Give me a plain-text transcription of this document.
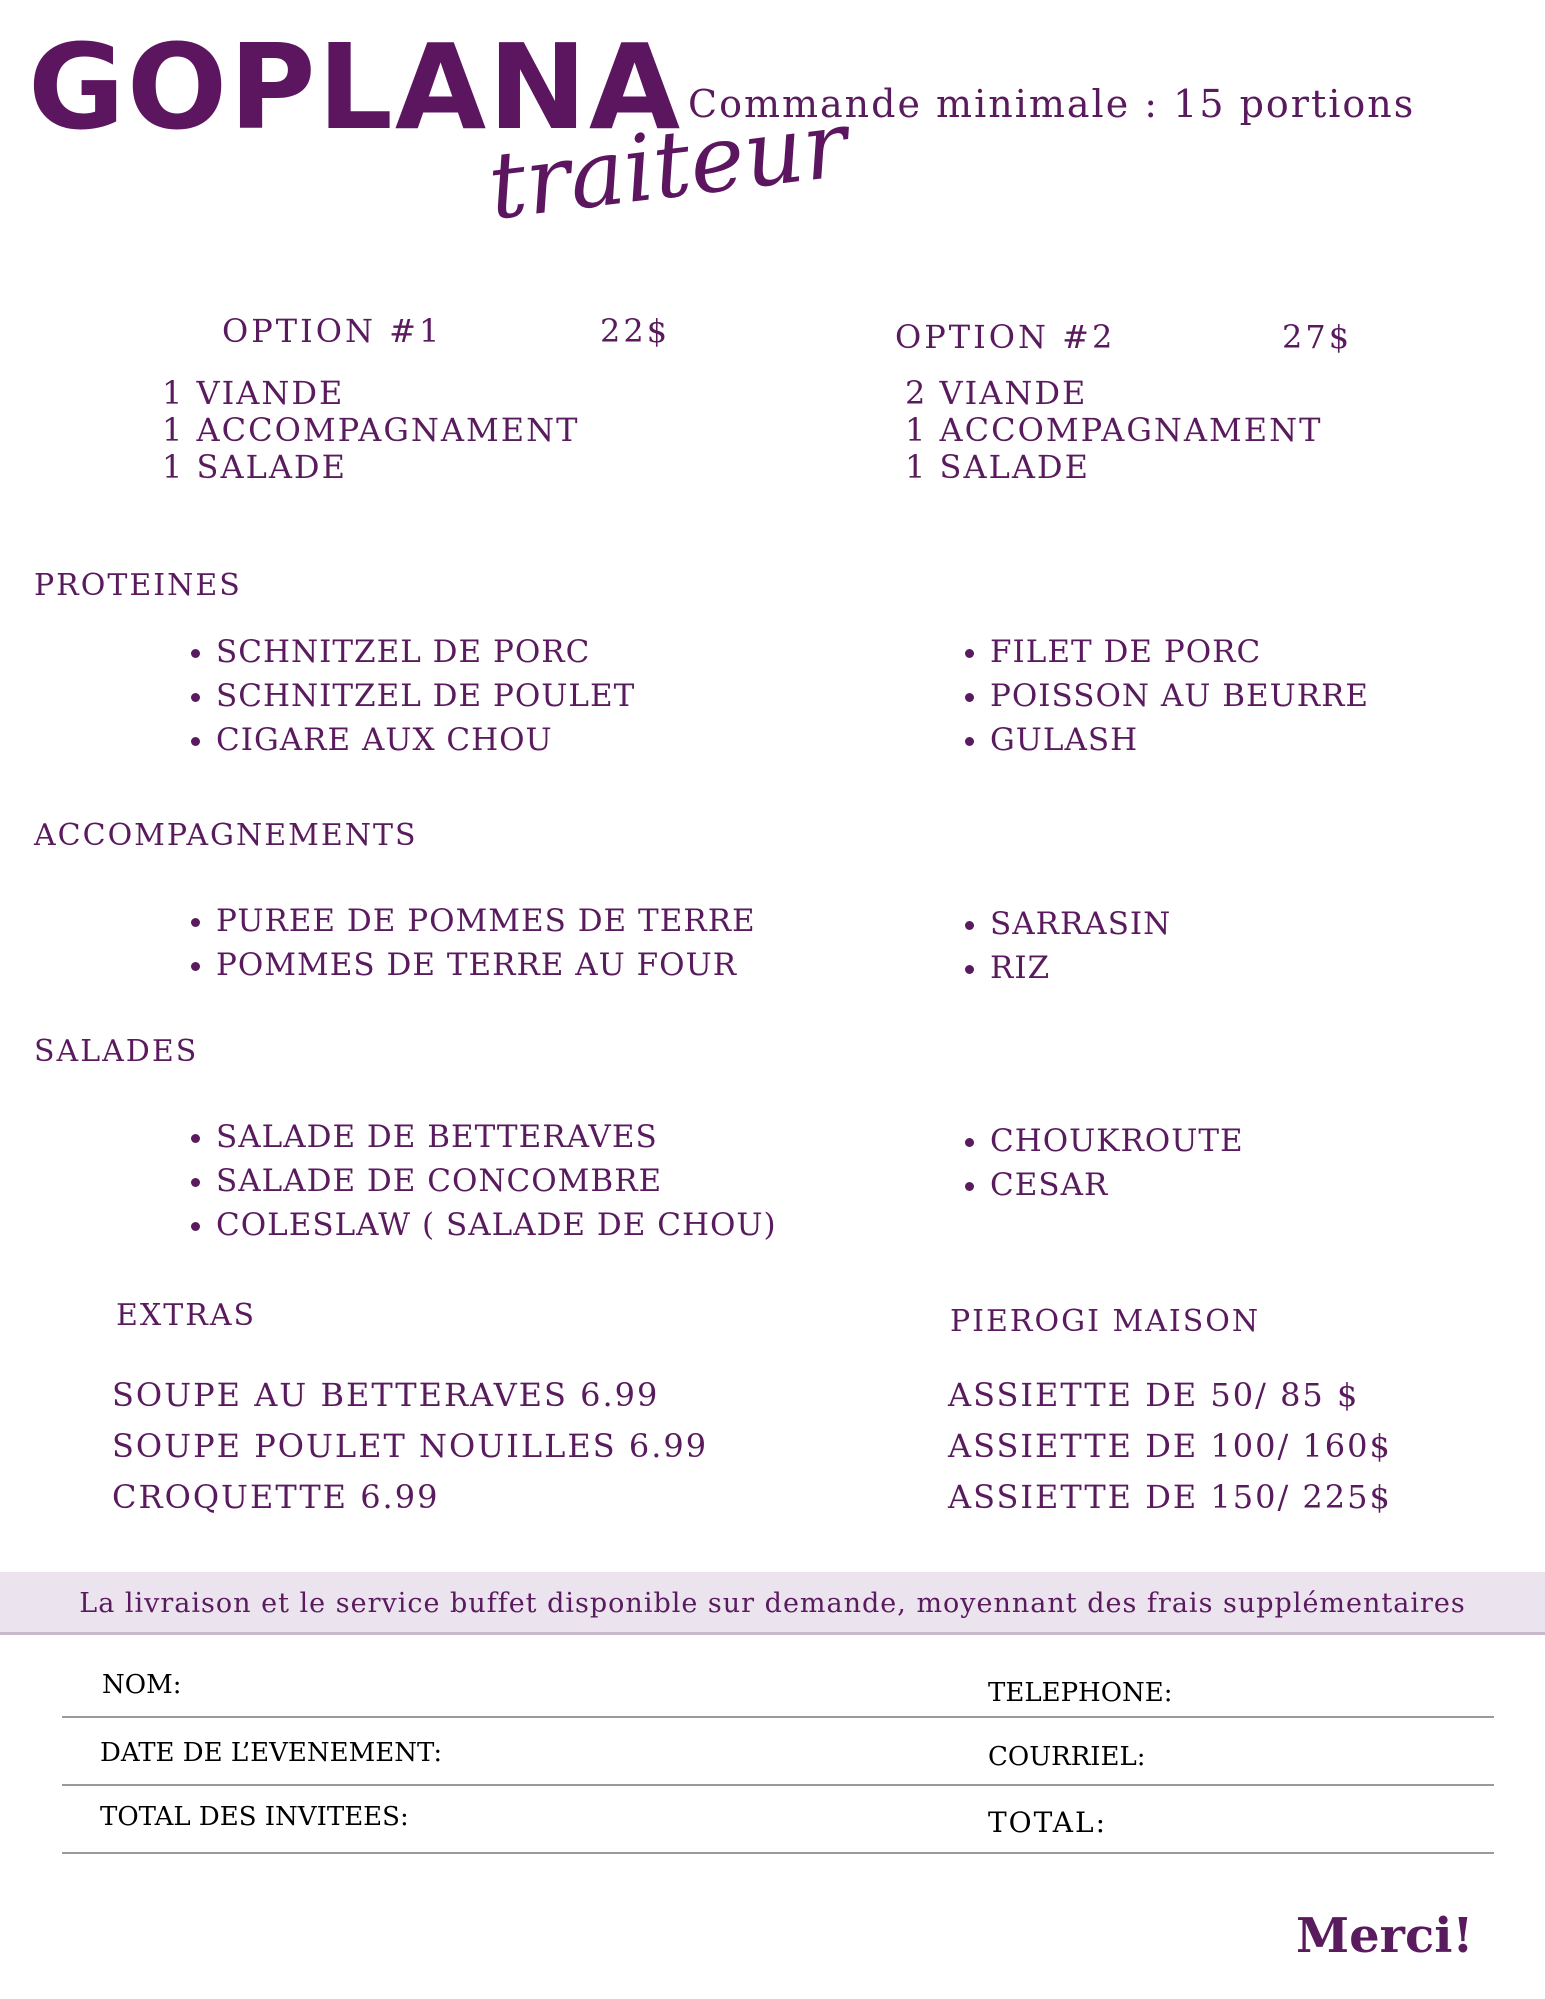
GOPLANA
traiteur
Commande minimale : 15 portions
OPTION #1	22$
1 VIANDE
1 ACCOMPAGNAMENT
1 SALADE
OPTION #2	27$
2 VIANDE
1 ACCOMPAGNAMENT
1 SALADE
PROTEINES
• SCHNITZEL DE PORC
• SCHNITZEL DE POULET
• CIGARE AUX CHOU
• FILET DE PORC
• POISSON AU BEURRE
• GULASH
ACCOMPAGNEMENTS
• PUREE DE POMMES DE TERRE
• POMMES DE TERRE AU FOUR
• SARRASIN
• RIZ
SALADES
• SALADE DE BETTERAVES
• SALADE DE CONCOMBRE
• COLESLAW ( SALADE DE CHOU)
• CHOUKROUTE
• CESAR
EXTRAS
SOUPE AU BETTERAVES 6.99
SOUPE POULET NOUILLES 6.99
CROQUETTE 6.99
PIEROGI MAISON
ASSIETTE DE 50/ 85 $
ASSIETTE DE 100/ 160$
ASSIETTE DE 150/ 225$
La livraison et le service buffet disponible sur demande, moyennant des frais supplémentaires
NOM:	TELEPHONE:
DATE DE L’EVENEMENT:	COURRIEL:
TOTAL DES INVITEES:	TOTAL:
Merci!
